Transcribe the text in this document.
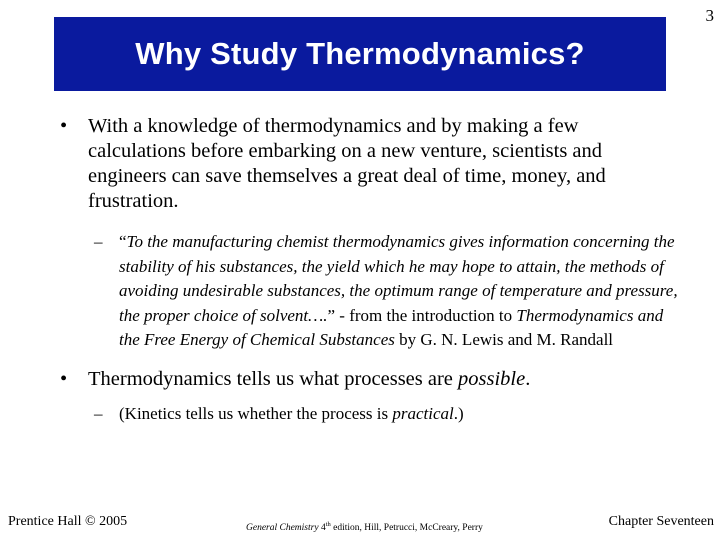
3
Why Study Thermodynamics?
• With a knowledge of thermodynamics and by making a few calculations before embarking on a new venture, scientists and engineers can save themselves a great deal of time, money, and frustration.
– “To the manufacturing chemist thermodynamics gives information concerning the stability of his substances, the yield which he may hope to attain, the methods of avoiding undesirable substances, the optimum range of temperature and pressure, the proper choice of solvent….” - from the introduction to Thermodynamics and the Free Energy of Chemical Substances by G. N. Lewis and M. Randall
• Thermodynamics tells us what processes are possible.
– (Kinetics tells us whether the process is practical.)
Prentice Hall © 2005	General Chemistry 4th edition, Hill, Petrucci, McCreary, Perry	Chapter Seventeen
